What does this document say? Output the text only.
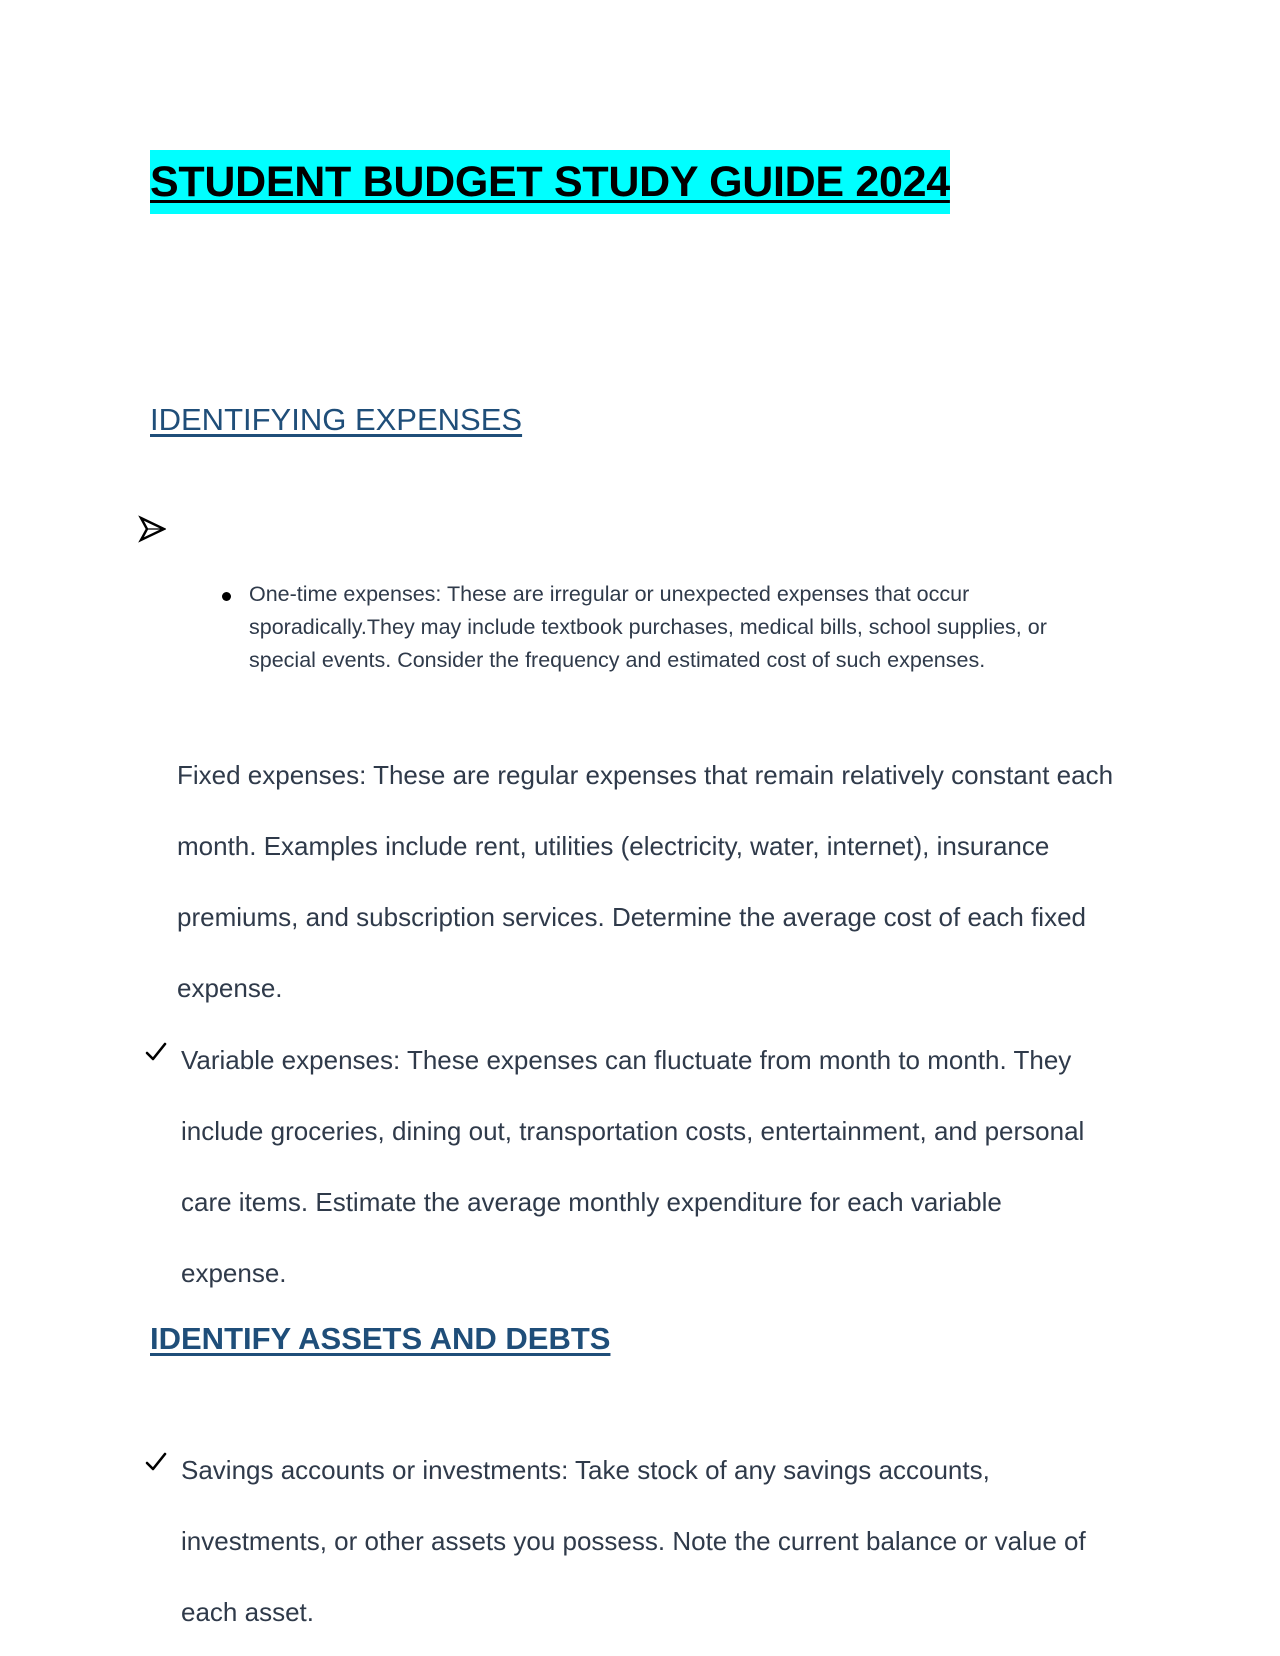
STUDENT BUDGET STUDY GUIDE 2024
IDENTIFYING EXPENSES
One-time expenses: These are irregular or unexpected expenses that occur sporadically.They may include textbook purchases, medical bills, school supplies, or special events. Consider the frequency and estimated cost of such expenses.

Fixed expenses: These are regular expenses that remain relatively constant each month. Examples include rent, utilities (electricity, water, internet), insurance premiums, and subscription services. Determine the average cost of each fixed expense.

Variable expenses: These expenses can fluctuate from month to month. They include groceries, dining out, transportation costs, entertainment, and personal care items. Estimate the average monthly expenditure for each variable expense.

IDENTIFY ASSETS AND DEBTS

Savings accounts or investments: Take stock of any savings accounts, investments, or other assets you possess. Note the current balance or value of each asset.
